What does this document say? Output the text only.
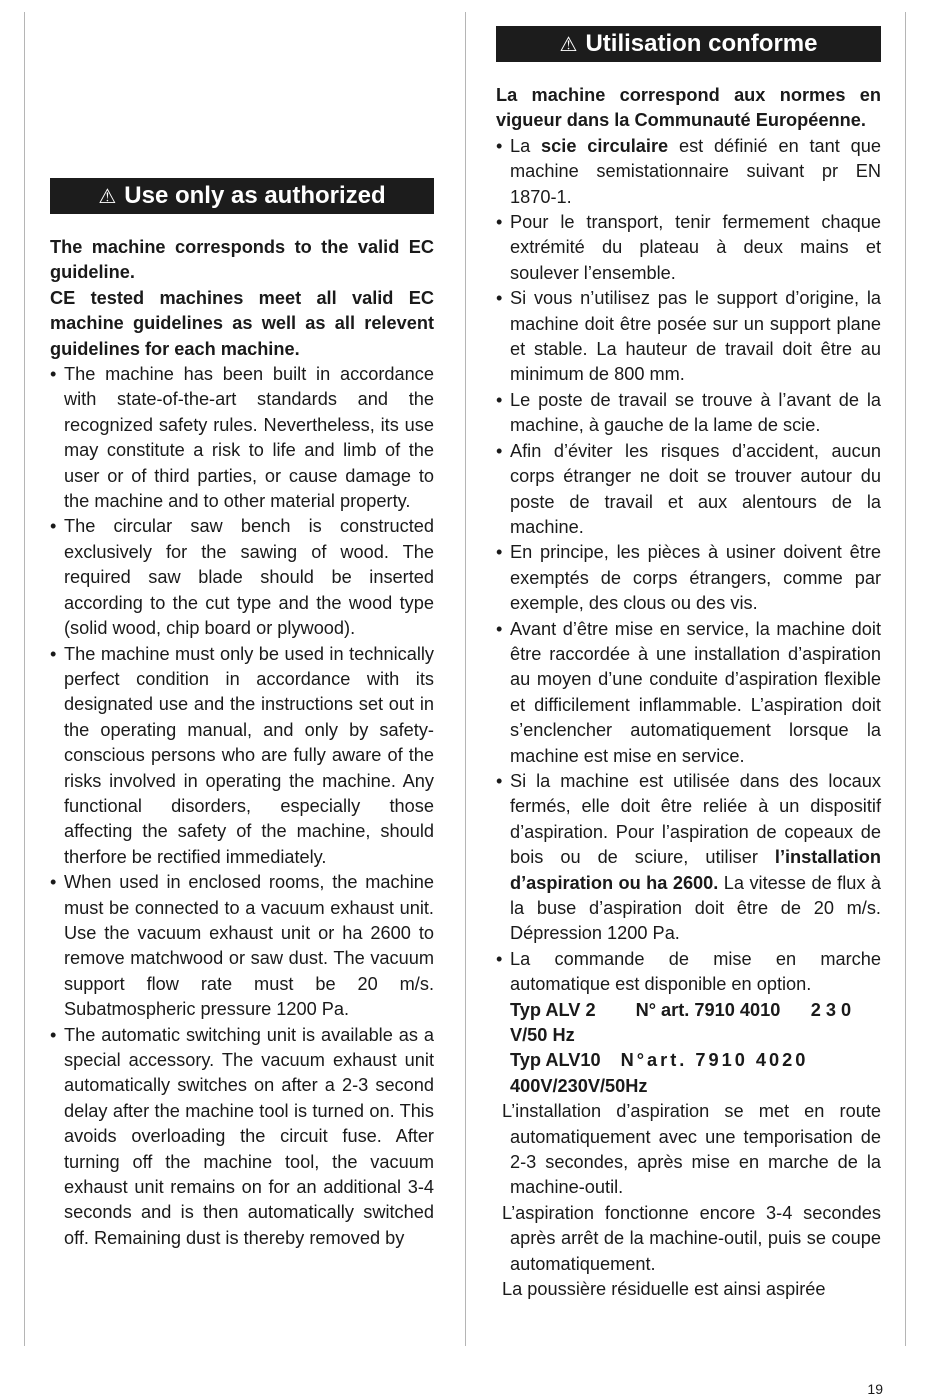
⚠ Use only as authorized

The machine corresponds to the valid EC guideline.

CE tested machines meet all valid EC machine guidelines as well as all relevent guidelines for each machine.

• The machine has been built in accordance with state-of-the-art standards and the recognized safety rules. Nevertheless, its use may constitute a risk to life and limb of the user or of third parties, or cause damage to the machine and to other material property.
• The circular saw bench is constructed exclusively for the sawing of wood. The required saw blade should be inserted according to the cut type and the wood type (solid wood, chip board or plywood).
• The machine must only be used in technically perfect condition in accordance with its designated use and the instructions set out in the operating manual, and only by safety-conscious persons who are fully aware of the risks involved in operating the machine. Any functional disorders, especially those affecting the safety of the machine, should therfore be rectified immediately.
• When used in enclosed rooms, the machine must be connected to a vacuum exhaust unit. Use the vacuum exhaust unit or ha 2600 to remove matchwood or saw dust. The vacuum support flow rate must be 20 m/s. Subatmospheric pressure 1200 Pa.
• The automatic switching unit is available as a special accessory. The vacuum exhaust unit automatically switches on after a 2-3 second delay after the machine tool is turned on. This avoids overloading the circuit fuse. After turning off the machine tool, the vacuum exhaust unit remains on for an additional 3-4 seconds and is then automatically switched off. Remaining dust is thereby removed by
⚠ Utilisation conforme

La machine correspond aux normes en vigueur dans la Communauté Européenne.

• La scie circulaire est définié en tant que machine semistationnaire suivant pr EN 1870-1.
• Pour le transport, tenir fermement chaque extrémité du plateau à deux mains et soulever l’ensemble.
• Si vous n’utilisez pas le support d’origine, la machine doit être posée sur un support plane et stable. La hauteur de travail doit être au minimum de 800 mm.
• Le poste de travail se trouve à l’avant de la machine, à gauche de la lame de scie.
• Afin d’éviter les risques d’accident, aucun corps étranger ne doit se trouver autour du poste de travail et aux alentours de la machine.
• En principe, les pièces à usiner doivent être exemptés de corps étrangers, comme par exemple, des clous ou des vis.
• Avant d’être mise en service, la machine doit être raccordée à une installation d’aspiration au moyen d’une conduite d’aspiration flexible et difficilement inflammable. L’aspiration doit s’enclencher automatiquement lorsque la machine est mise en service.
• Si la machine est utilisée dans des locaux fermés, elle doit être reliée à un dispositif d’aspiration. Pour l’aspiration de copeaux de bois ou de sciure, utiliser l’installation d’aspiration ou ha 2600. La vitesse de flux à la buse d’aspiration doit être de 20 m/s. Dépression 1200 Pa.
• La commande de mise en marche automatique est disponible en option.
Typ ALV 2 N° art. 7910 4010 2 3 0 V/50 Hz
Typ ALV10 N°art. 7910 4020 400V/230V/50Hz

L’installation d’aspiration se met en route automatiquement avec une temporisation de 2-3 secondes, après mise en marche de la machine-outil.

L’aspiration fonctionne encore 3-4 secondes après arrêt de la machine-outil, puis se coupe automatiquement.

La poussière résiduelle est ainsi aspirée

19
